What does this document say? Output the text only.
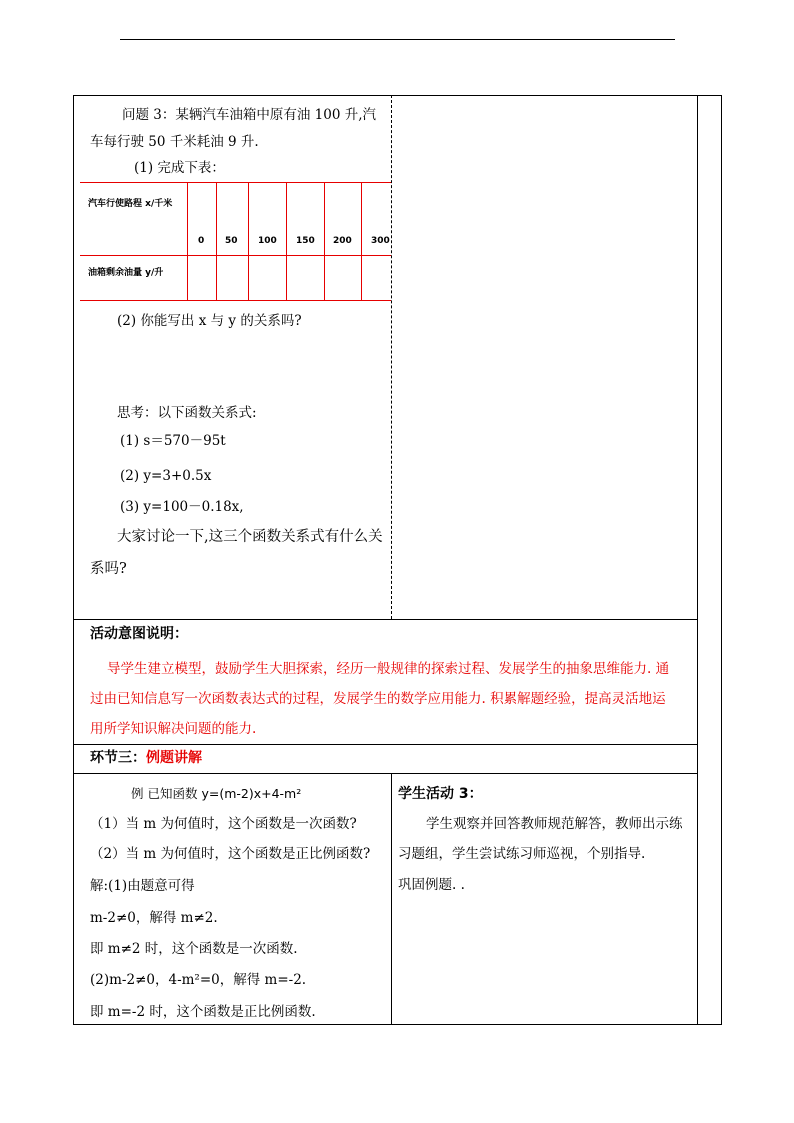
问题 3：某辆汽车油箱中原有油 100 升,汽
车每行驶 50 千米耗油 9 升.
(1) 完成下表：
汽车行使路程 x/千米
油箱剩余油量 y/升
0 50 100 150 200 300
(2) 你能写出 x 与 y 的关系吗?
思考：以下函数关系式:
(1) s＝570－95t
(2) y=3+0.5x
(3) y=100－0.18x,
大家讨论一下,这三个函数关系式有什么关
系吗?
活动意图说明：
导学生建立模型，鼓励学生大胆探索，经历一般规律的探索过程、发展学生的抽象思维能力. 通
过由已知信息写一次函数表达式的过程，发展学生的数学应用能力. 积累解题经验，提高灵活地运
用所学知识解决问题的能力.
环节三：例题讲解
例 已知函数 y=(m-2)x+4-m²
（1）当 m 为何值时，这个函数是一次函数?
（2）当 m 为何值时，这个函数是正比例函数?
解:(1)由题意可得
m-2≠0，解得 m≠2.
即 m≠2 时，这个函数是一次函数.
(2)m-2≠0，4-m²=0，解得 m=-2.
即 m=-2 时，这个函数是正比例函数.
学生活动 3：
学生观察并回答教师规范解答，教师出示练
习题组，学生尝试练习师巡视，个别指导.
巩固例题. .
